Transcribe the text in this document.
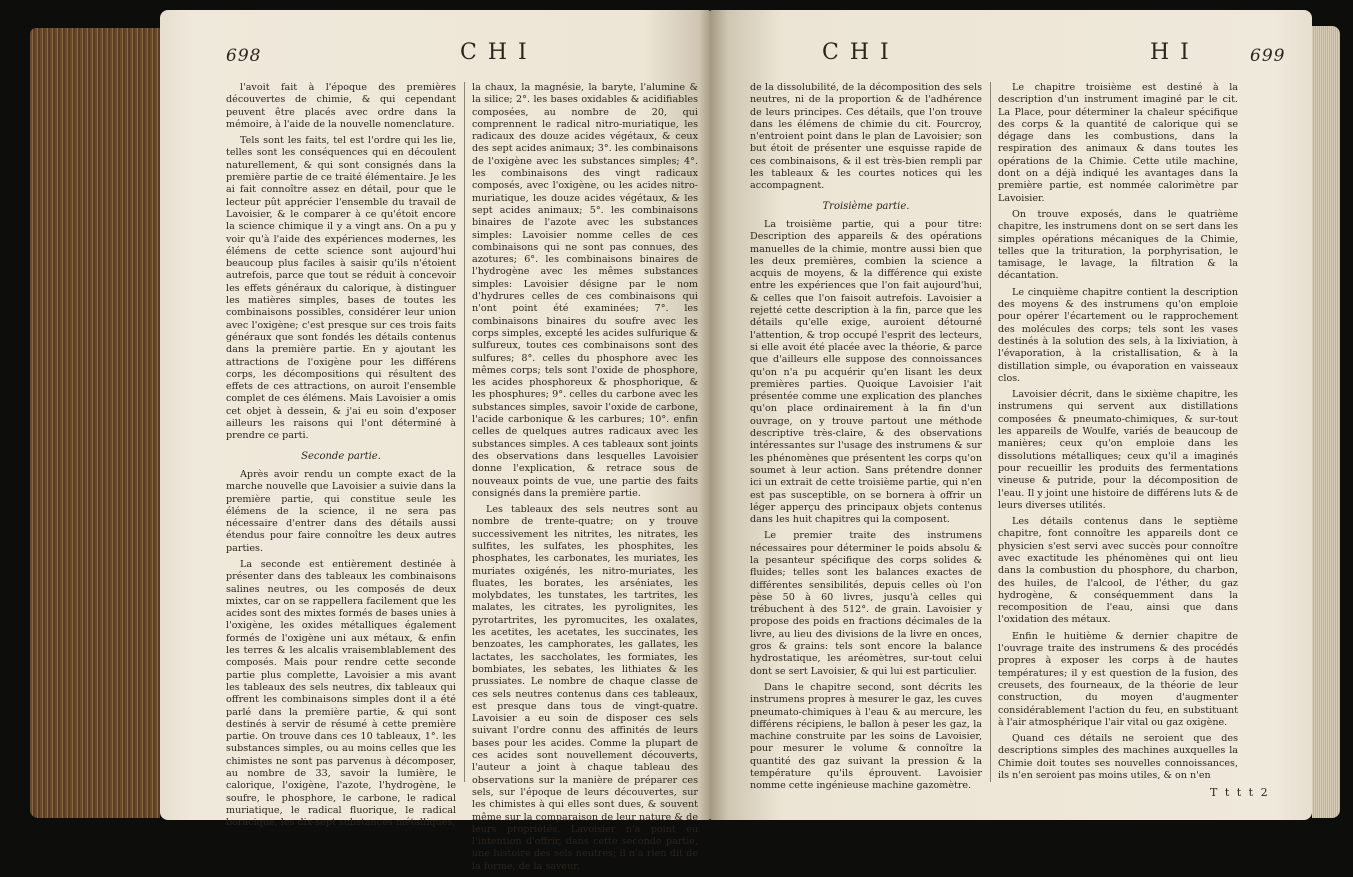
698	C H I

l'avoit fait à l'époque des premières découvertes de chimie, & qui cependant peuvent être placés avec ordre dans la mémoire, à l'aide de la nouvelle nomenclature.

Tels sont les faits, tel est l'ordre qui les lie, telles sont les conséquences qui en découlent naturellement, & qui sont consignés dans la première partie de ce traité élémentaire. Je les ai fait connoître assez en détail, pour que le lecteur pût apprécier l'ensemble du travail de Lavoisier, & le comparer à ce qu'étoit encore la science chimique il y a vingt ans. On a pu y voir qu'à l'aide des expériences modernes, les élémens de cette science sont aujourd'hui beaucoup plus faciles à saisir qu'ils n'étoient autrefois, parce que tout se réduit à concevoir les effets généraux du calorique, à distinguer les matières simples, bases de toutes les combinaisons possibles, considérer leur union avec l'oxigène; c'est presque sur ces trois faits généraux que sont fondés les détails contenus dans la première partie. En y ajoutant les attractions de l'oxigène pour les différens corps, les décompositions qui résultent des effets de ces attractions, on auroit l'ensemble complet de ces élémens. Mais Lavoisier a omis cet objet à dessein, & j'ai eu soin d'exposer ailleurs les raisons qui l'ont déterminé à prendre ce parti.

Seconde partie.

Après avoir rendu un compte exact de la marche nouvelle que Lavoisier a suivie dans la première partie, qui constitue seule les élémens de la science, il ne sera pas nécessaire d'entrer dans des détails aussi étendus pour faire connoître les deux autres parties.

La seconde est entièrement destinée à présenter dans des tableaux les combinaisons salines neutres, ou les composés de deux mixtes, car on se rappellera facilement que les acides sont des mixtes formés de bases unies à l'oxigène, les oxides métalliques également formés de l'oxigène uni aux métaux, & enfin les terres & les alcalis vraisemblablement des composés. Mais pour rendre cette seconde partie plus complette, Lavoisier a mis avant les tableaux des sels neutres, dix tableaux qui offrent les combinaisons simples dont il a été parlé dans la première partie, & qui sont destinés à servir de résumé à cette première partie. On trouve dans ces 10 tableaux, 1°. les substances simples, ou au moins celles que les chimistes ne sont pas parvenus à décomposer, au nombre de 33, savoir la lumière, le calorique, l'oxigène, l'azote, l'hydrogène, le soufre, le phosphore, le carbone, le radical muriatique, le radical fluorique, le radical boracique, les dix-sept substances métalliques,

la chaux, la magnésie, la baryte, l'alumine & la silice; 2°. les bases oxidables & acidifiables composées, au nombre de 20, qui comprennent le radical nitro-muriatique, les radicaux des douze acides végétaux, & ceux des sept acides animaux; 3°. les combinaisons de l'oxigène avec les substances simples; 4°. les combinaisons des vingt radicaux composés, avec l'oxigène, ou les acides nitro-muriatique, les douze acides végétaux, & les sept acides animaux; 5°. les combinaisons binaires de l'azote avec les substances simples: Lavoisier nomme celles de ces combinaisons qui ne sont pas connues, des azotures; 6°. les combinaisons binaires de l'hydrogène avec les mêmes substances simples: Lavoisier désigne par le nom d'hydrures celles de ces combinaisons qui n'ont point été examinées; 7°. les combinaisons binaires du soufre avec les corps simples, excepté les acides sulfurique & sulfureux, toutes ces combinaisons sont des sulfures; 8°. celles du phosphore avec les mêmes corps; tels sont l'oxide de phosphore, les acides phosphoreux & phosphorique, & les phosphures; 9°. celles du carbone avec les substances simples, savoir l'oxide de carbone, l'acide carbonique & les carbures; 10°. enfin celles de quelques autres radicaux avec les substances simples. A ces tableaux sont joints des observations dans lesquelles Lavoisier donne l'explication, & retrace sous de nouveaux points de vue, une partie des faits consignés dans la première partie.

Les tableaux des sels neutres sont au nombre de trente-quatre; on y trouve successivement les nitrites, les nitrates, les sulfites, les sulfates, les phosphites, les phosphates, les carbonates, les muriates, les muriates oxigénés, les nitro-muriates, les fluates, les borates, les arséniates, les molybdates, les tunstates, les tartrites, les malates, les citrates, les pyrolignites, les pyrotartrites, les pyromucites, les oxalates, les acetites, les acetates, les succinates, les benzoates, les camphorates, les gallates, les lactates, les saccholates, les formiates, les bombiates, les sebates, les lithiates & les prussiates. Le nombre de chaque classe de ces sels neutres contenus dans ces tableaux, est presque dans tous de vingt-quatre. Lavoisier a eu soin de disposer ces sels suivant l'ordre connu des affinités de leurs bases pour les acides. Comme la plupart de ces acides sont nouvellement découverts, l'auteur a joint à chaque tableau des observations sur la manière de préparer ces sels, sur l'époque de leurs découvertes, sur les chimistes à qui elles sont dues, & souvent même sur la comparaison de leur nature & de leurs propriétés. Lavoisier n'a point eu l'intention d'offrir, dans cette seconde partie, une histoire des sels neutres; il n'a rien dit de la forme, de la saveur,

C H I	H I	699

de la dissolubilité, de la décomposition des sels neutres, ni de la proportion & de l'adhérence de leurs principes. Ces détails, que l'on trouve dans les élémens de chimie du cit. Fourcroy, n'entroient point dans le plan de Lavoisier; son but étoit de présenter une esquisse rapide de ces combinaisons, & il est très-bien rempli par les tableaux & les courtes notices qui les accompagnent.

Troisième partie.

La troisième partie, qui a pour titre: Description des appareils & des opérations manuelles de la chimie, montre aussi bien que les deux premières, combien la science a acquis de moyens, & la différence qui existe entre les expériences que l'on fait aujourd'hui, & celles que l'on faisoit autrefois. Lavoisier a rejetté cette description à la fin, parce que les détails qu'elle exige, auroient détourné l'attention, & trop occupé l'esprit des lecteurs, si elle avoit été placée avec la théorie, & parce que d'ailleurs elle suppose des connoissances qu'on n'a pu acquérir qu'en lisant les deux premières parties. Quoique Lavoisier l'ait présentée comme une explication des planches qu'on place ordinairement à la fin d'un ouvrage, on y trouve partout une méthode descriptive très-claire, & des observations intéressantes sur l'usage des instrumens & sur les phénomènes que présentent les corps qu'on soumet à leur action. Sans prétendre donner ici un extrait de cette troisième partie, qui n'en est pas susceptible, on se bornera à offrir un léger apperçu des principaux objets contenus dans les huit chapitres qui la composent.

Le premier traite des instrumens nécessaires pour déterminer le poids absolu & la pesanteur spécifique des corps solides & fluides; telles sont les balances exactes de différentes sensibilités, depuis celles où l'on pèse 50 à 60 livres, jusqu'à celles qui trébuchent à des 512°. de grain. Lavoisier y propose des poids en fractions décimales de la livre, au lieu des divisions de la livre en onces, gros & grains: tels sont encore la balance hydrostatique, les aréomètres, sur-tout celui dont se sert Lavoisier, & qui lui est particulier.

Dans le chapitre second, sont décrits les instrumens propres à mesurer le gaz, les cuves pneumato-chimiques à l'eau & au mercure, les différens récipiens, le ballon à peser les gaz, la machine construite par les soins de Lavoisier, pour mesurer le volume & connoître la quantité des gaz suivant la pression & la température qu'ils éprouvent. Lavoisier nomme cette ingénieuse machine gazomètre.

Le chapitre troisième est destiné à la description d'un instrument imaginé par le cit. La Place, pour déterminer la chaleur spécifique des corps & la quantité de calorique qui se dégage dans les combustions, dans la respiration des animaux & dans toutes les opérations de la Chimie. Cette utile machine, dont on a déjà indiqué les avantages dans la première partie, est nommée calorimètre par Lavoisier.

On trouve exposés, dans le quatrième chapitre, les instrumens dont on se sert dans les simples opérations mécaniques de la Chimie, telles que la trituration, la porphyrisation, le tamisage, le lavage, la filtration & la décantation.

Le cinquième chapitre contient la description des moyens & des instrumens qu'on emploie pour opérer l'écartement ou le rapprochement des molécules des corps; tels sont les vases destinés à la solution des sels, à la lixiviation, à l'évaporation, à la cristallisation, & à la distillation simple, ou évaporation en vaisseaux clos.

Lavoisier décrit, dans le sixième chapitre, les instrumens qui servent aux distillations composées & pneumato-chimiques, & sur-tout les appareils de Woulfe, variés de beaucoup de manières; ceux qu'on emploie dans les dissolutions métalliques; ceux qu'il a imaginés pour recueillir les produits des fermentations vineuse & putride, pour la décomposition de l'eau. Il y joint une histoire de différens luts & de leurs diverses utilités.

Les détails contenus dans le septième chapitre, font connoître les appareils dont ce physicien s'est servi avec succès pour connoître avec exactitude les phénomènes qui ont lieu dans la combustion du phosphore, du charbon, des huiles, de l'alcool, de l'éther, du gaz hydrogène, & conséquemment dans la recomposition de l'eau, ainsi que dans l'oxidation des métaux.

Enfin le huitième & dernier chapitre de l'ouvrage traite des instrumens & des procédés propres à exposer les corps à de hautes températures; il y est question de la fusion, des creusets, des fourneaux, de la théorie de leur construction, du moyen d'augmenter considérablement l'action du feu, en substituant à l'air atmosphérique l'air vital ou gaz oxigène.

Quand ces détails ne seroient que des descriptions simples des machines auxquelles la Chimie doit toutes ses nouvelles connoissances, ils n'en seroient pas moins utiles, & on n'en

T t t t 2
